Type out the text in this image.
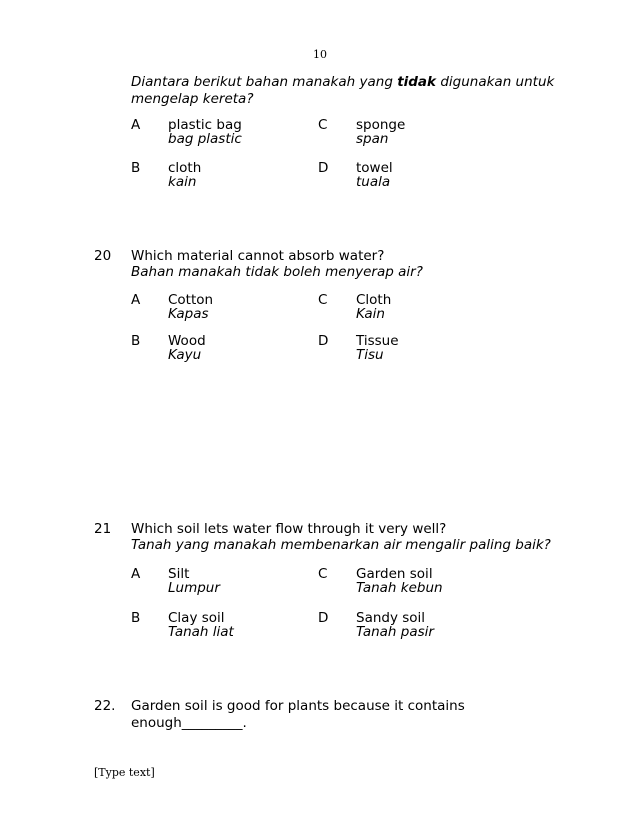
10
Diantara berikut bahan manakah yang tidak digunakan untuk
mengelap kereta?
A plastic bag
bag plastic
C sponge
span
B cloth
kain
D towel
tuala
20 Which material cannot absorb water?
Bahan manakah tidak boleh menyerap air?
A Cotton
Kapas
C Cloth
Kain
B Wood
Kayu
D Tissue
Tisu
21 Which soil lets water flow through it very well?
Tanah yang manakah membenarkan air mengalir paling baik?
A Silt
Lumpur
C Garden soil
Tanah kebun
B Clay soil
Tanah liat
D Sandy soil
Tanah pasir
22. Garden soil is good for plants because it contains
enough_________.
[Type text]
